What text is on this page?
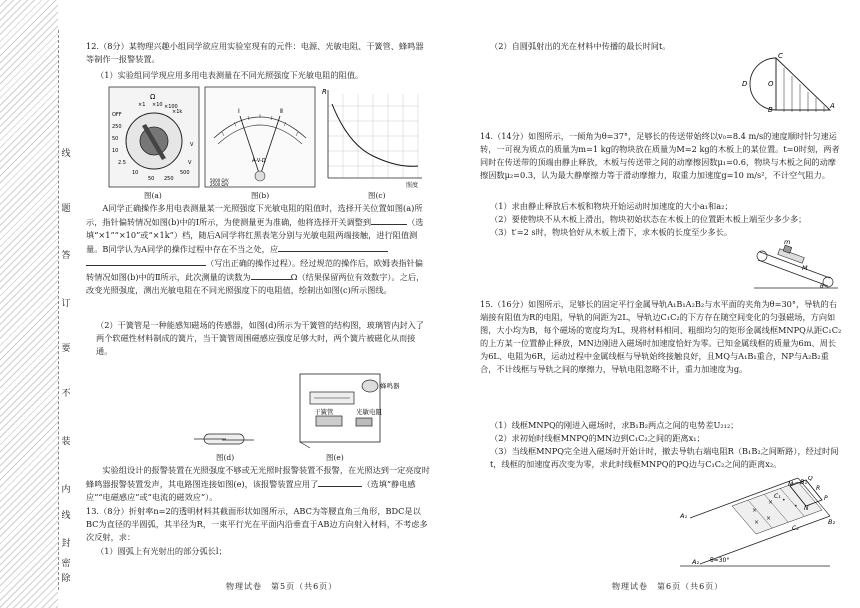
线
题
答
订
要
不
装
内
线
封
密
除

12.（8分）某物理兴趣小组同学欲应用实验室现有的元件：电源、光敏电阻、干簧管、蜂鸣器等制作一报警装置。

（1）实验组同学现应用多用电表测量在不同光照强度下光敏电阻的阻值。

Ω
×1 ×10 ×100
×1k
OFF
250
50
10
2.5
10
50 250
500
V
V
图(a)
Ⅰ	Ⅱ
A-V-Ω
5000 Ω/V
2500 Ω/V
图(b)
R
照度
图(c)

A同学正确操作多用电表测量某一光照强度下光敏电阻的阻值时，选择开关位置如图(a)所示，指针偏转情况如图(b)中的Ⅰ所示，为使测量更为准确，他将选择开关调整到	（选填“×1”“×10”或“×1k”）档，随后A同学将红黑表笔分别与光敏电阻两端接触，进行阻值测量。B同学认为A同学的操作过程中存在不当之处，应
（写出正确的操作过程）。经过规范的操作后，欧姆表指针偏转情况如图(b)中的Ⅱ所示，此次测量的读数为	Ω（结果保留两位有效数字）。之后，改变光照强度，测出光敏电阻在不同光照强度下的电阻值，绘制出如图(c)所示图线。

（2）干簧管是一种能感知磁场的传感器，如图(d)所示为干簧管的结构图，玻璃管内封入了两个软磁性材料制成的簧片，当干簧管周围磁感应强度足够大时，两个簧片被磁化从而接通。

蜂鸣器
干簧管	光敏电阻
图(e)
图(d)

实验组设计的报警装置在光照强度不够或无光照时报警装置不报警，在光照达到一定亮度时蜂鸣器报警装置发声，其电路图连接如图(e)，该报警装置应用了	（选填“静电感应”“电磁感应”或“电流的磁效应”）。

13.（8分）折射率n=2的透明材料其截面形状如图所示，ABC为等腰直角三角形，BDC是以BC为直径的半圆弧，其半径为R，一束平行光在平面内沿垂直于AB边方向射入材料，不考虑多次反射，求：

（1）圆弧上有光射出的部分弧长l；

物理试卷　第5页（共6页）

（2）自圆弧射出的光在材料中传播的最长时间t。

C
D	O
B	A

14.（14分）如图所示，一倾角为θ=37°，足够长的传送带始终以v₀=8.4 m/s的速度顺时针匀速运转，一可视为质点的质量为m=1 kg的物块放在质量为M=2 kg的木板上的某位置。t=0时刻，两者同时在传送带的顶端由静止释放，木板与传送带之间的动摩擦因数μ₁=0.6，物块与木板之间的动摩擦因数μ₂=0.3，认为最大静摩擦力等于滑动摩擦力，取重力加速度g=10 m/s²，不计空气阻力。

（1）求由静止释放后木板和物块开始运动时加速度的大小a₁和a₂；

（2）要使物块不从木板上滑出，物块初始状态在木板上的位置距木板上端至少多少多；

（3）t′=2 s时，物块恰好从木板上滑下，求木板的长度至少多长。

m
M
θ

15.（16分）如图所示，足够长的固定平行金属导轨A₁B₁A₂B₂与水平面的夹角为θ=30°，导轨的右端接有阻值为R的电阻，导轨的间距为2L，导轨边C₁C₂的下方存在随空间变化的匀强磁场，方向如图，大小均为B，每个磁场的宽度均为L，现将材料相同、粗细均匀的矩形金属线框MNPQ从距C₁C₂的上方某一位置静止释放，MN边刚进入磁场时加速度恰好为零。已知金属线框的质量为6m、周长为6L、电阻为6R，运动过程中金属线框与导轨始终接触良好，且MQ与A₁B₁重合，NP与A₂B₂重合，不计线框与导轨之间的摩擦力，导轨电阻忽略不计，重力加速度为g。

（1）线框MNPQ的刚进入磁场时，求B₁B₂两点之间的电势差U₂₁₂；

（2）求初始时线框MNPQ的MN边到C₁C₂之间的距离x₁；

（3）当线框MNPQ完全进入磁场时开始计时，撤去导轨右端电阻R（B₁B₂之间断路），经过时间t，线框的加速度再次变为零，求此时线框MNPQ的PQ边与C₁C₂之间的距离x₂。

×
×
•
•
×
×
A₁
A₂
B₁
B₂
C₁
C₂
M
N
P
Q
R
θ=30°
物理试卷　第6页（共6页）
